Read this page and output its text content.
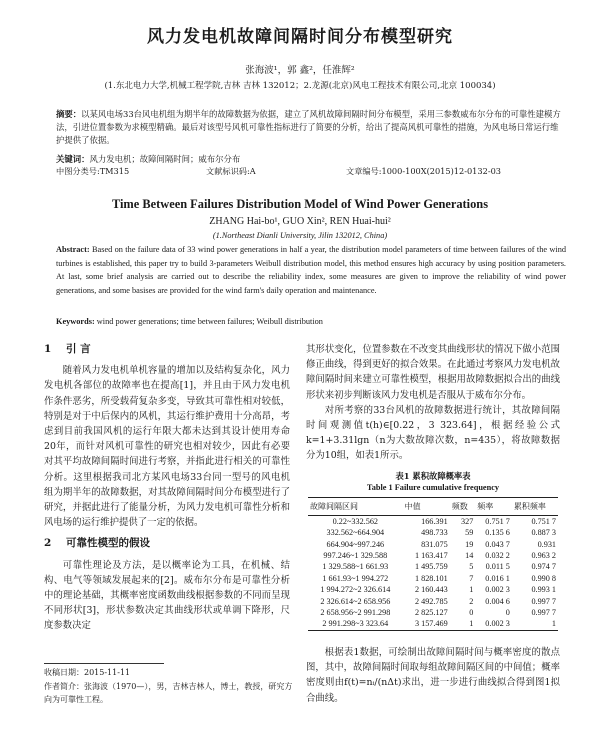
风力发电机故障间隔时间分布模型研究
张海波¹，郭 鑫²，任淮辉²
(1.东北电力大学,机械工程学院,吉林 吉林 132012；2.龙源(北京)风电工程技术有限公司,北京 100034)
摘要：以某风电场33台风电机组为期半年的故障数据为依据，建立了风机故障间隔时间分布模型，采用三参数威布尔分布的可靠性建模方法，引进位置参数为求模型精确。最后对该型号风机可靠性指标进行了简要的分析，给出了提高风机可靠性的措施，为风电场日常运行维护提供了依据。
关键词：风力发电机；故障间隔时间；威布尔分布
中图分类号:TM315	文献标识码:A	文章编号:1000-100X(2015)12-0132-03
Time Between Failures Distribution Model of Wind Power Generations
ZHANG Hai-bo¹, GUO Xin², REN Huai-hui²
(1.Northeast Dianli University, Jilin 132012, China)
Abstract: Based on the failure data of 33 wind power generations in half a year, the distribution model parameters of time between failures of the wind turbines is established, this paper try to build 3-parameters Weibull distribution model, this method ensures high accuracy by using position parameters. At last, some brief analysis are carried out to describe the reliability index, some measures are given to improve the reliability of wind power generations, and some basises are provided for the wind farm's daily operation and maintenance.
Keywords: wind power generations; time between failures; Weibull distribution
1 引 言

随着风力发电机单机容量的增加以及结构复杂化，风力发电机各部位的故障率也在提高[1]，并且由于风力发电机 作条件恶劣，所受载荷复杂多变，导致其可靠性相对较低，特别是对于中后保内的风机，其运行维护费用十分高昂，考虑到目前我国风机的运行年限大都未达到其设计使用寿命20年，而针对风机可靠性的研究也相对较少，因此有必要对其平均故障间隔时间进行考察，并指此进行相关的可靠性分析。这里根据我司北方某风电场33台同一型号的风电机组为期半年的故障数据，对其故障间隔时间分布模型进行了研究，并据此进行了能量分析，为风力发电机可靠性分析和风电场的运行维护提供了一定的依据。

2 可靠性模型的假设

可靠性理论及方法，是以概率论为工具，在机械、结构、电气等领域发展起来的[2]。威布尔分布是可靠性分析中的理论基础，其概率密度函数曲线根据参数的不同而呈现不同形状[3]，形状参数决定其曲线形状或单调下降形，尺度参数决定

收稿日期：2015-11-11
作者简介：张海波（1970—），男，吉林吉林人，博士，教授，研究方向为可靠性工程。

其形状变化，位置参数在不改变其曲线形状的情况下做小范围修正曲线，得到更好的拟合效果。在此通过考察风力发电机故障间隔时间来建立可靠性模型，根据用故障数据拟合出的曲线形状来初步判断该风力发电机是否服从于威布尔分布。

对所考察的33台风机的故障数据进行统计，其故障间隔时间观测值t(h)∈[0.22，3 323.64]，根据经验公式k=1+3.31lgn（n为大数故障次数，n=435），将故障数据分为10组，如表1所示。

表1 累积故障概率表
Table 1 Failure cumulative frequency
故障间隔区间	中值	频数	频率	累积频率
0.22~332.562	166.391	327	0.751 7	0.751 7
332.562~664.904	498.733	59	0.135 6	0.887 3
664.904~997.246	831.075	19	0.043 7	0.931
997.246~1 329.588	1 163.417	14	0.032 2	0.963 2
1 329.588~1 661.93	1 495.759	5	0.011 5	0.974 7
1 661.93~1 994.272	1 828.101	7	0.016 1	0.990 8
1 994.272~2 326.614	2 160.443	1	0.002 3	0.993 1
2 326.614~2 658.956	2 492.785	2	0.004 6	0.997 7
2 658.956~2 991.298	2 825.127	0	0	0.997 7
2 991.298~3 323.64	3 157.469	1	0.002 3	1

根据表1数据，可绘制出故障间隔时间与概率密度的散点图，其中，故障间隔时间取每组故障间隔区间的中间值；概率密度则由f(t)=nᵢ/(nΔt)求出，进一步进行曲线拟合得到图1拟合曲线。
